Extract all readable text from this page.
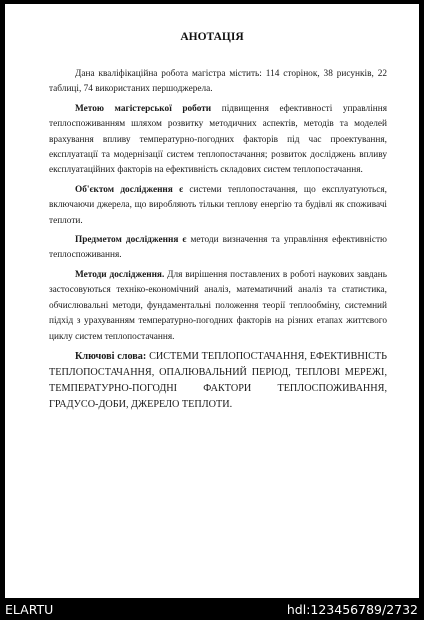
АНОТАЦІЯ

Дана кваліфікаційна робота магістра містить: 114 сторінок, 38 рисунків, 22 таблиці, 74 використаних першоджерела.

Метою магістерської роботи підвищення ефективності управління теплоспоживанням шляхом розвитку методичних аспектів, методів та моделей врахування впливу температурно-погодних факторів під час проектування, експлуатації та модернізації систем теплопостачання; розвиток досліджень впливу експлуатаційних факторів на ефективність складових систем теплопостачання.

Об'єктом дослідження є системи теплопостачання, що експлуатуються, включаючи джерела, що виробляють тільки теплову енергію та будівлі як споживачі теплоти.

Предметом дослідження є методи визначення та управління ефективністю теплоспоживання.

Методи дослідження. Для вирішення поставлених в роботі наукових завдань застосовуються техніко-економічний аналіз, математичний аналіз та статистика, обчислювальні методи, фундаментальні положення теорії теплообміну, системний підхід з урахуванням температурно-погодних факторів на різних етапах життєвого циклу систем теплопостачання.

Ключові слова: СИСТЕМИ ТЕПЛОПОСТАЧАННЯ, ЕФЕКТИВНІСТЬ ТЕПЛОПОСТАЧАННЯ, ОПАЛЮВАЛЬНИЙ ПЕРІОД, ТЕПЛОВІ МЕРЕЖІ, ТЕМПЕРАТУРНО-ПОГОДНІ ФАКТОРИ ТЕПЛОСПОЖИВАННЯ, ГРАДУСО-ДОБИ, ДЖЕРЕЛО ТЕПЛОТИ.

ELARTU	hdl:123456789/2732
